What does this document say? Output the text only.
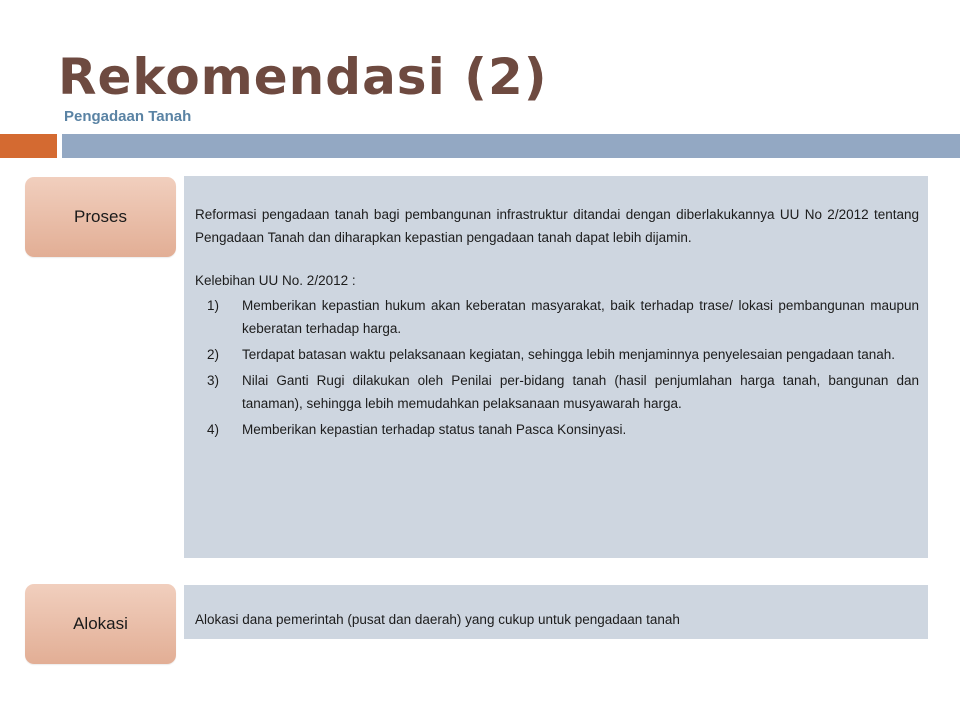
Rekomendasi (2)
Pengadaan Tanah
Proses	Reformasi pengadaan tanah bagi pembangunan infrastruktur ditandai dengan diberlakukannya UU No 2/2012 tentang Pengadaan Tanah dan diharapkan kepastian pengadaan tanah dapat lebih dijamin.

Kelebihan UU No. 2/2012 :
1)	Memberikan kepastian hukum akan keberatan masyarakat, baik terhadap trase/ lokasi pembangunan maupun keberatan terhadap harga.
2)	Terdapat batasan waktu pelaksanaan kegiatan, sehingga lebih menjaminnya penyelesaian pengadaan tanah.
3)	Nilai Ganti Rugi dilakukan oleh Penilai per-bidang tanah (hasil penjumlahan harga tanah, bangunan dan tanaman), sehingga lebih memudahkan pelaksanaan musyawarah harga.
4)	Memberikan kepastian terhadap status tanah Pasca Konsinyasi.
Alokasi	Alokasi dana pemerintah (pusat dan daerah) yang cukup untuk pengadaan tanah
